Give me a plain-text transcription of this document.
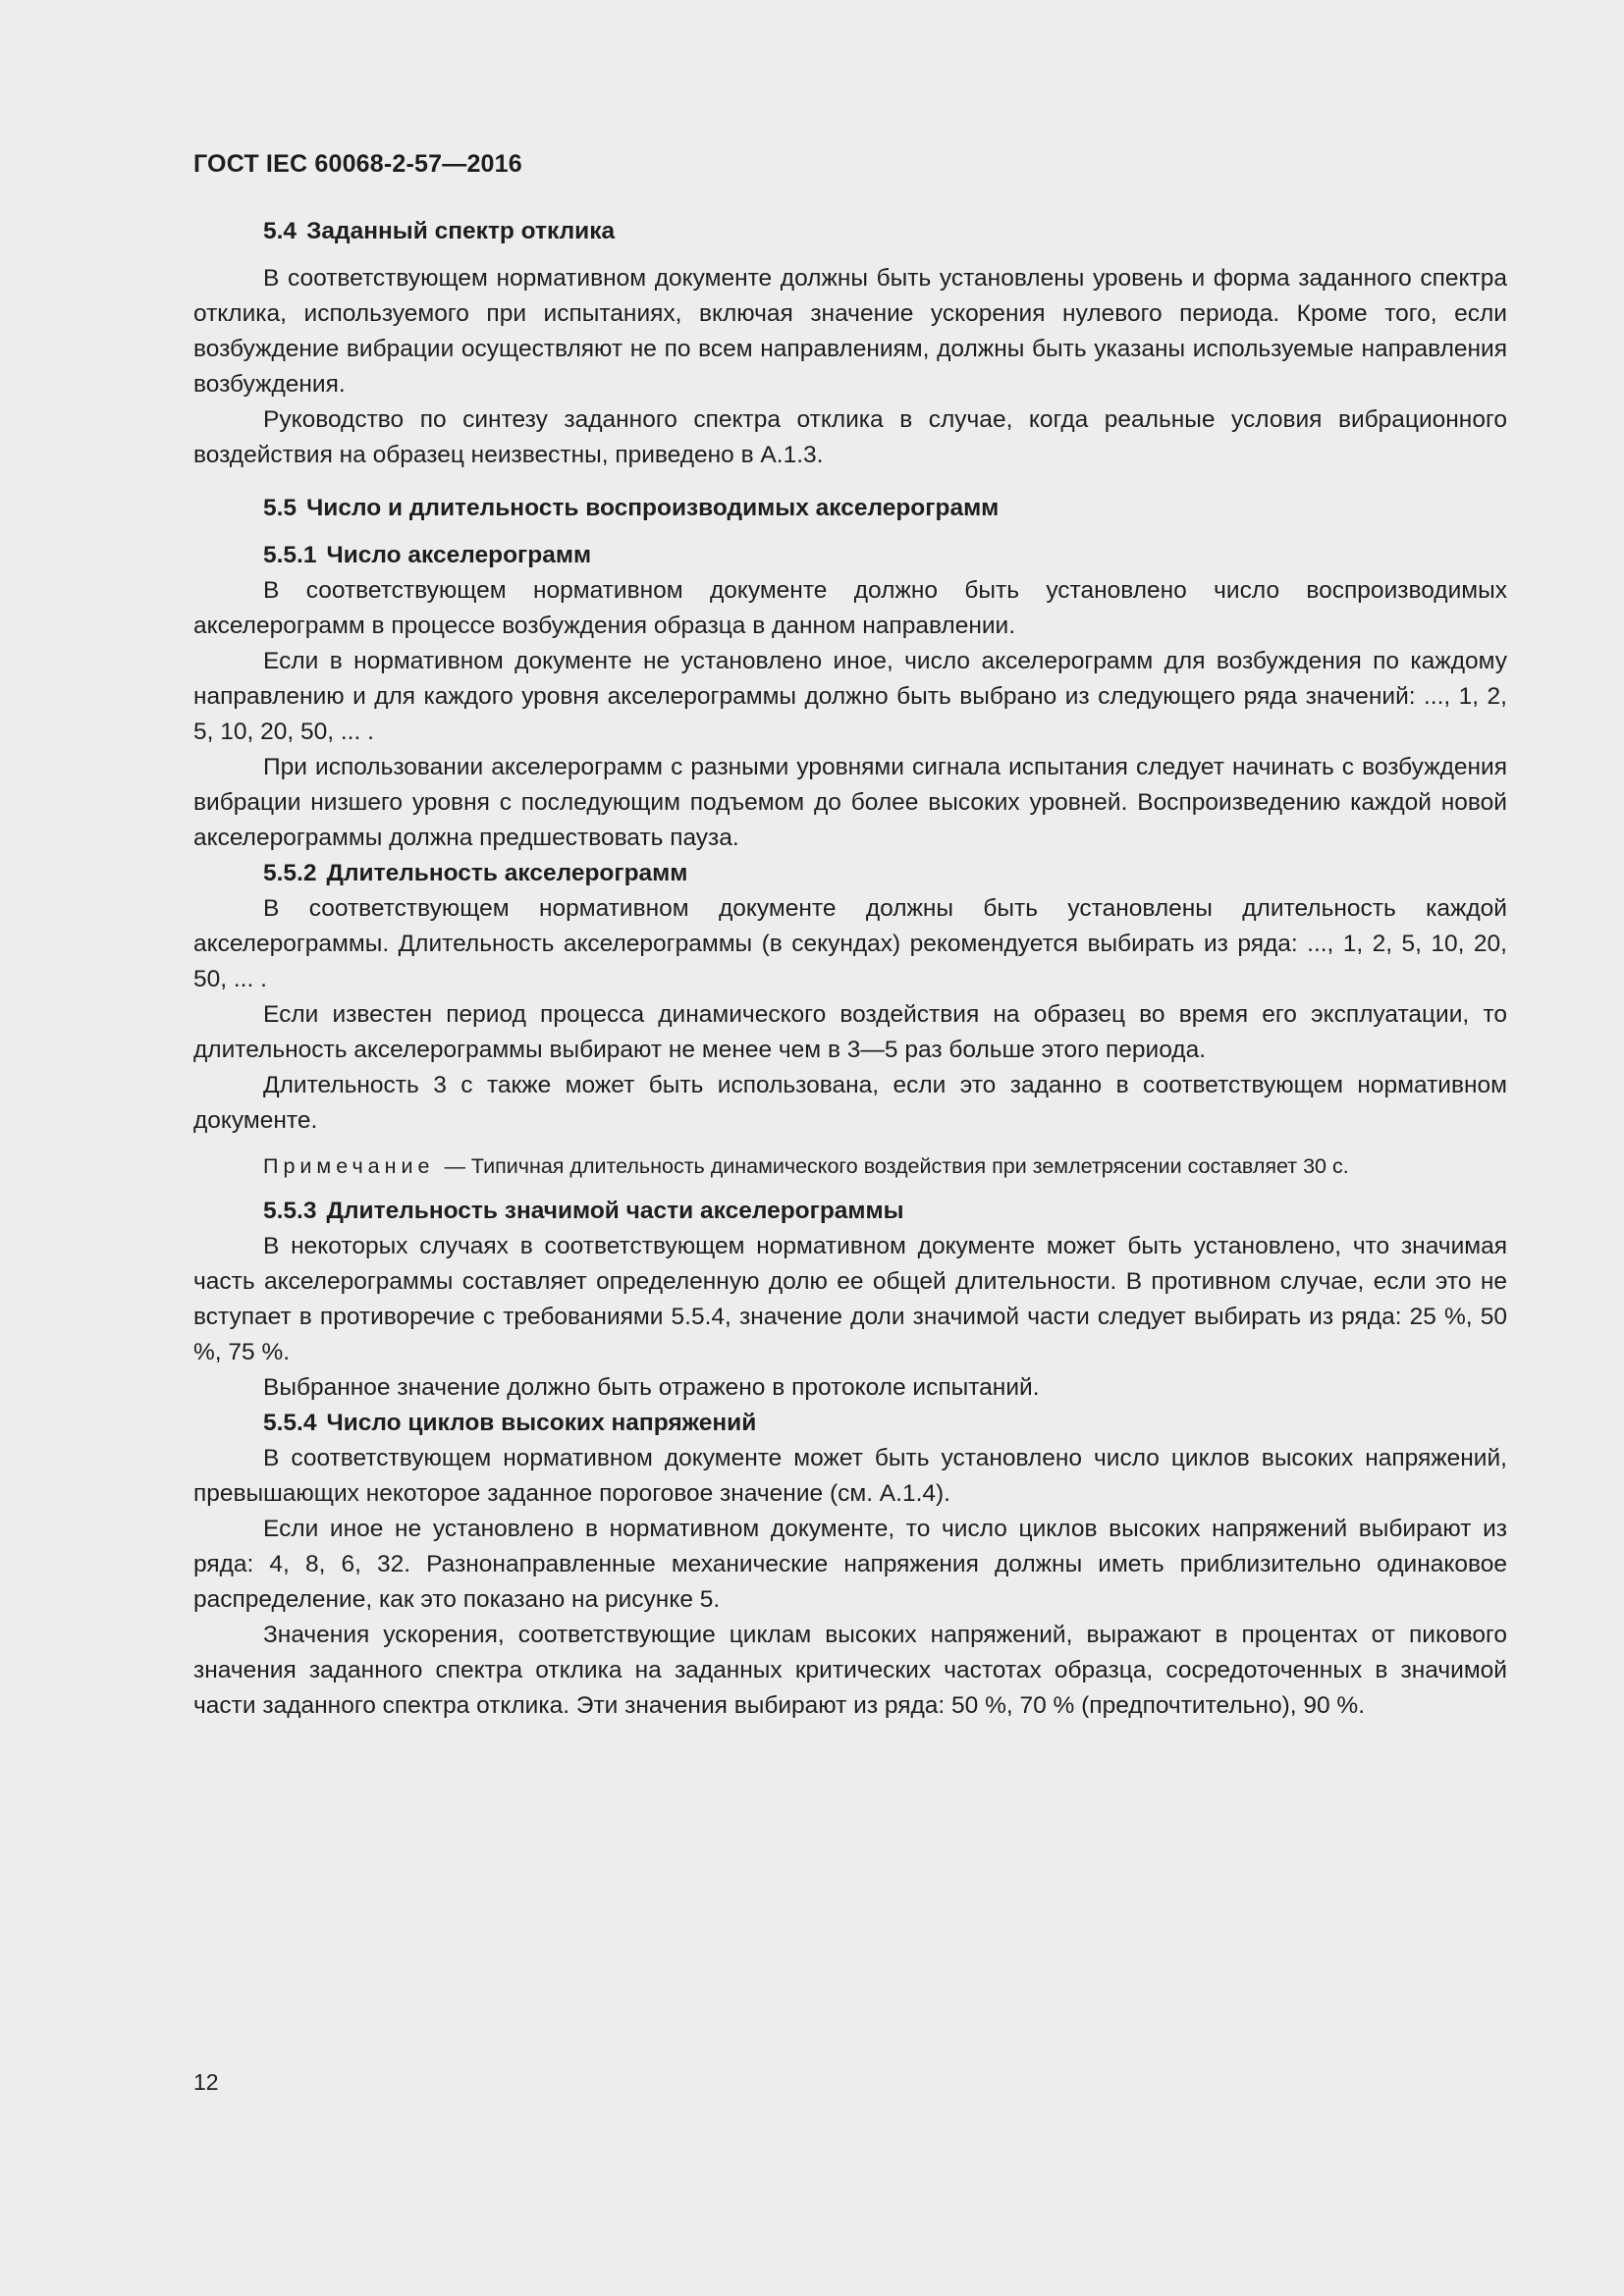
ГОСТ IEC 60068-2-57—2016
5.4 Заданный спектр отклика

В соответствующем нормативном документе должны быть установлены уровень и форма заданного спектра отклика, используемого при испытаниях, включая значение ускорения нулевого периода. Кроме того, если возбуждение вибрации осуществляют не по всем направлениям, должны быть указаны используемые направления возбуждения.

Руководство по синтезу заданного спектра отклика в случае, когда реальные условия вибрационного воздействия на образец неизвестны, приведено в А.1.3.

5.5 Число и длительность воспроизводимых акселерограмм
5.5.1 Число акселерограмм

В соответствующем нормативном документе должно быть установлено число воспроизводимых акселерограмм в процессе возбуждения образца в данном направлении.

Если в нормативном документе не установлено иное, число акселерограмм для возбуждения по каждому направлению и для каждого уровня акселерограммы должно быть выбрано из следующего ряда значений: ..., 1, 2, 5, 10, 20, 50, ... .

При использовании акселерограмм с разными уровнями сигнала испытания следует начинать с возбуждения вибрации низшего уровня с последующим подъемом до более высоких уровней. Воспроизведению каждой новой акселерограммы должна предшествовать пауза.

5.5.2 Длительность акселерограмм

В соответствующем нормативном документе должны быть установлены длительность каждой акселерограммы. Длительность акселерограммы (в секундах) рекомендуется выбирать из ряда: ..., 1, 2, 5, 10, 20, 50, ... .

Если известен период процесса динамического воздействия на образец во время его эксплуатации, то длительность акселерограммы выбирают не менее чем в 3—5 раз больше этого периода.

Длительность 3 с также может быть использована, если это заданно в соответствующем нормативном документе.

Примечание — Типичная длительность динамического воздействия при землетрясении составляет 30 с.

5.5.3 Длительность значимой части акселерограммы

В некоторых случаях в соответствующем нормативном документе может быть установлено, что значимая часть акселерограммы составляет определенную долю ее общей длительности. В противном случае, если это не вступает в противоречие с требованиями 5.5.4, значение доли значимой части следует выбирать из ряда: 25 %, 50 %, 75 %.

Выбранное значение должно быть отражено в протоколе испытаний.

5.5.4 Число циклов высоких напряжений

В соответствующем нормативном документе может быть установлено число циклов высоких напряжений, превышающих некоторое заданное пороговое значение (см. А.1.4).

Если иное не установлено в нормативном документе, то число циклов высоких напряжений выбирают из ряда: 4, 8, 6, 32. Разнонаправленные механические напряжения должны иметь приблизительно одинаковое распределение, как это показано на рисунке 5.

Значения ускорения, соответствующие циклам высоких напряжений, выражают в процентах от пикового значения заданного спектра отклика на заданных критических частотах образца, сосредоточенных в значимой части заданного спектра отклика. Эти значения выбирают из ряда: 50 %, 70 % (предпочтительно), 90 %.

12
